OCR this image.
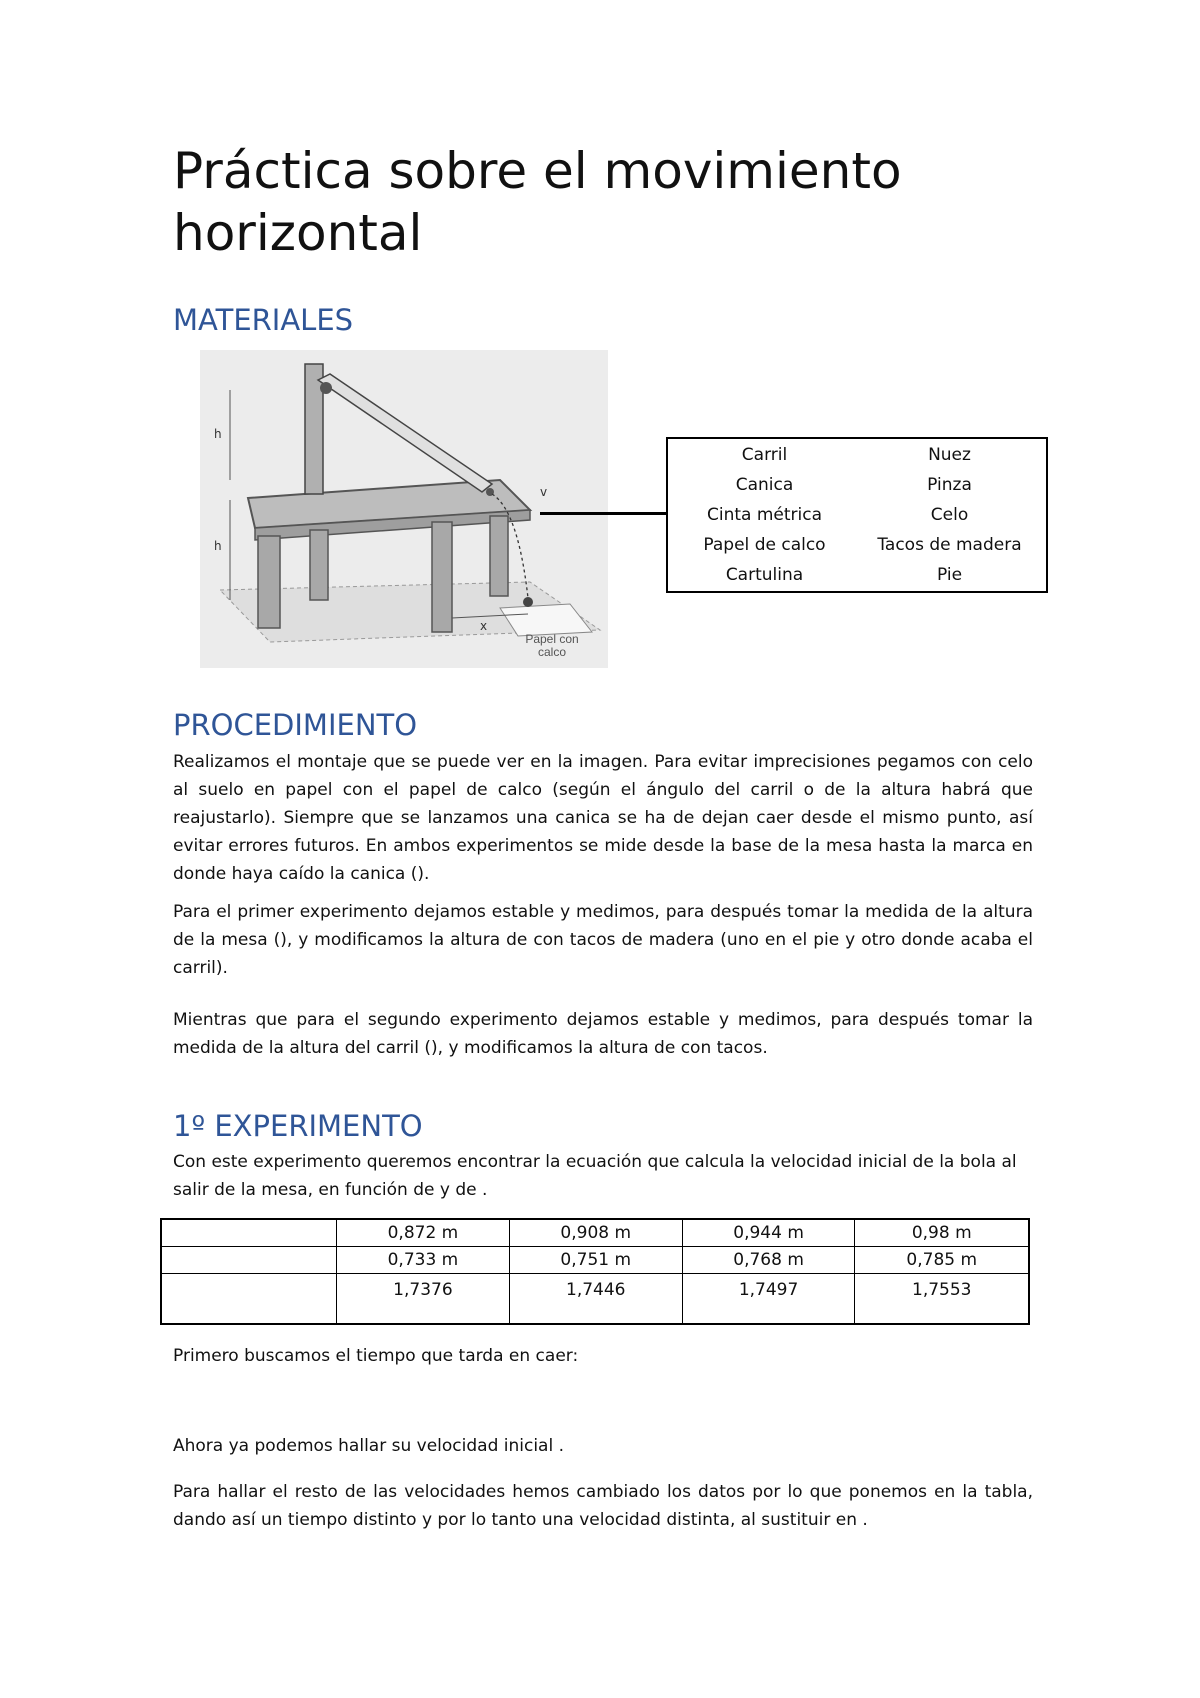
Práctica sobre el movimiento horizontal
MATERIALES
h
h
v
x
Papel con calco
Carril	Nuez
Canica	Pinza
Cinta métrica	Celo
Papel de calco	Tacos de madera
Cartulina	Pie
PROCEDIMIENTO

Realizamos el montaje que se puede ver en la imagen. Para evitar imprecisiones pegamos con celo al suelo en papel con el papel de calco (según el ángulo del carril o de la altura habrá que reajustarlo). Siempre que se lanzamos una canica se ha de dejan caer desde el mismo punto, así evitar errores futuros. En ambos experimentos se mide desde la base de la mesa hasta la marca en donde haya caído la canica ().

Para el primer experimento dejamos estable y medimos, para después tomar la medida de la altura de la mesa (), y modificamos la altura de con tacos de madera (uno en el pie y otro donde acaba el carril).

Mientras que para el segundo experimento dejamos estable y medimos, para después tomar la medida de la altura del carril (), y modificamos la altura de con tacos.

1º EXPERIMENTO

Con este experimento queremos encontrar la ecuación que calcula la velocidad inicial de la bola al salir de la mesa, en función de y de .

	0,872 m	0,908 m	0,944 m	0,98 m
	0,733 m	0,751 m	0,768 m	0,785 m
	1,7376	1,7446	1,7497	1,7553

Primero buscamos el tiempo que tarda en caer:

Ahora ya podemos hallar su velocidad inicial .

Para hallar el resto de las velocidades hemos cambiado los datos por lo que ponemos en la tabla, dando así un tiempo distinto y por lo tanto una velocidad distinta, al sustituir en .
